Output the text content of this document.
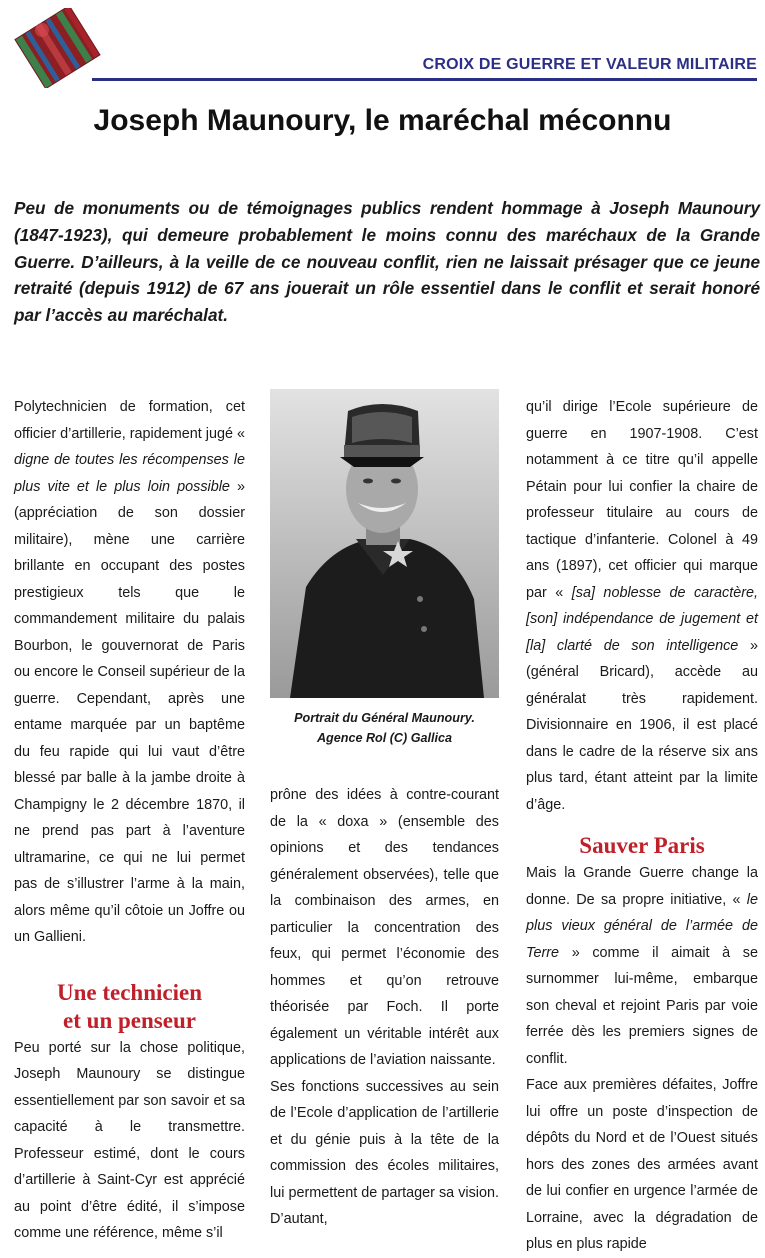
CROIX DE GUERRE ET VALEUR MILITAIRE
Joseph Maunoury, le maréchal méconnu

Peu de monuments ou de témoignages publics rendent hommage à Joseph Maunoury (1847-1923), qui demeure probablement le moins connu des maréchaux de la Grande Guerre. D’ailleurs, à la veille de ce nouveau conflit, rien ne laissait présager que ce jeune retraité (depuis 1912) de 67 ans jouerait un rôle essentiel dans le conflit et serait honoré par l’accès au maréchalat.

Polytechnicien de formation, cet officier d’artillerie, rapidement jugé « digne de toutes les récompenses le plus vite et le plus loin possible » (appréciation de son dossier militaire), mène une carrière brillante en occupant des postes prestigieux tels que le commandement militaire du palais Bourbon, le gouvernorat de Paris ou encore le Conseil supérieur de la guerre. Cependant, après une entame marquée par un baptême du feu rapide qui lui vaut d’être blessé par balle à la jambe droite à Champigny le 2 décembre 1870, il ne prend pas part à l’aventure ultramarine, ce qui ne lui permet pas de s’illustrer l’arme à la main, alors même qu’il côtoie un Joffre ou un Gallieni.

Une technicien
et un penseur

Peu porté sur la chose politique, Joseph Maunoury se distingue essentiellement par son savoir et sa capacité à le transmettre. Professeur estimé, dont le cours d’artillerie à Saint-Cyr est apprécié au point d’être édité, il s’impose comme une référence, même s’il

Portrait du Général Maunoury.
Agence Rol (C) Gallica

prône des idées à contre-courant de la « doxa » (ensemble des opinions et des tendances généralement observées), telle que la combinaison des armes, en particulier la concentration des feux, qui permet l’économie des hommes et qu’on retrouve théorisée par Foch. Il porte également un véritable intérêt aux applications de l’aviation naissante.

Ses fonctions successives au sein de l’Ecole d’application de l’artillerie et du génie puis à la tête de la commission des écoles militaires, lui permettent de partager sa vision. D’autant,

qu’il dirige l’Ecole supérieure de guerre en 1907-1908. C’est notamment à ce titre qu’il appelle Pétain pour lui confier la chaire de professeur titulaire au cours de tactique d’infanterie. Colonel à 49 ans (1897), cet officier qui marque par « [sa] noblesse de caractère, [son] indépendance de jugement et [la] clarté de son intelligence » (général Bricard), accède au généralat très rapidement. Divisionnaire en 1906, il est placé dans le cadre de la réserve six ans plus tard, étant atteint par la limite d’âge.

Sauver Paris

Mais la Grande Guerre change la donne. De sa propre initiative, « le plus vieux général de l’armée de Terre » comme il aimait à se surnommer lui-même, embarque son cheval et rejoint Paris par voie ferrée dès les premiers signes de conflit.

Face aux premières défaites, Joffre lui offre un poste d’inspection de dépôts du Nord et de l’Ouest situés hors des zones des armées avant de lui confier en urgence l’armée de Lorraine, avec la dégradation de plus en plus rapide
